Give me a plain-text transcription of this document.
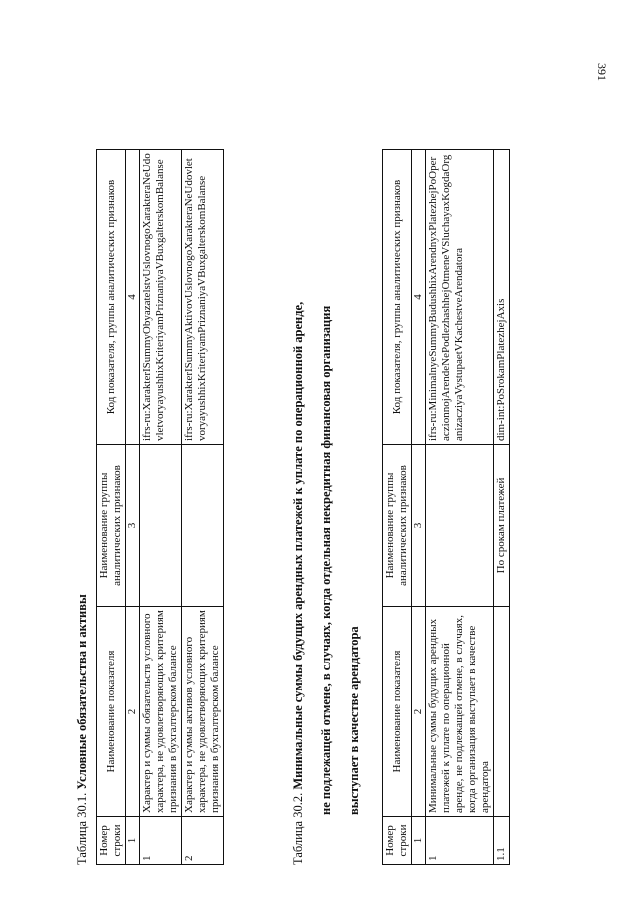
391
Таблица 30.1. Условные обязательства и активы
Номер строки	Наименование показателя	Наименование группы аналитических признаков	Код показателя, группы аналитических признаков
1	2	3	4
1	Характер и суммы обязательств условного характера, не удовлетворяющих критериям признания в бухгалтерском балансе		ifrs-ru:XarakterISummyObyazatelstvUslovnogoXarakteraNeUdovletvoryayushhixKriteriyamPriznaniyaVBuxgalterskomBalanse
2	Характер и суммы активов условного характера, не удовлетворяющих критериям признания в бухгалтерском балансе		ifrs-ru:XarakterISummyAktivovUslovnogoXarakteraNeUdovletvoryayushhixKriteriyamPriznaniyaVBuxgalterskomBalanse
Таблица 30.2. Минимальные суммы будущих арендных платежей к уплате по операционной аренде, не подлежащей отмене, в случаях, когда отдельная некредитная финансовая организация выступает в качестве арендатора
Номер строки	Наименование показателя	Наименование группы аналитических признаков	Код показателя, группы аналитических признаков
1	2	3	4
1	Минимальные суммы будущих арендных платежей к уплате по операционной аренде, не подлежащей отмене, в случаях, когда организация выступает в качестве арендатора		ifrs-ru:MinimalnyeSummyBudushhixArendnyxPlatezhejPoOperaczionnojArendeNePodlezhashhejOtmeneVSluchayaxKogdaOrganizacziyaVystupaetVKachestveArendatora
1.1		По срокам платежей	dim-int:PoSrokamPlatezhejAxis
